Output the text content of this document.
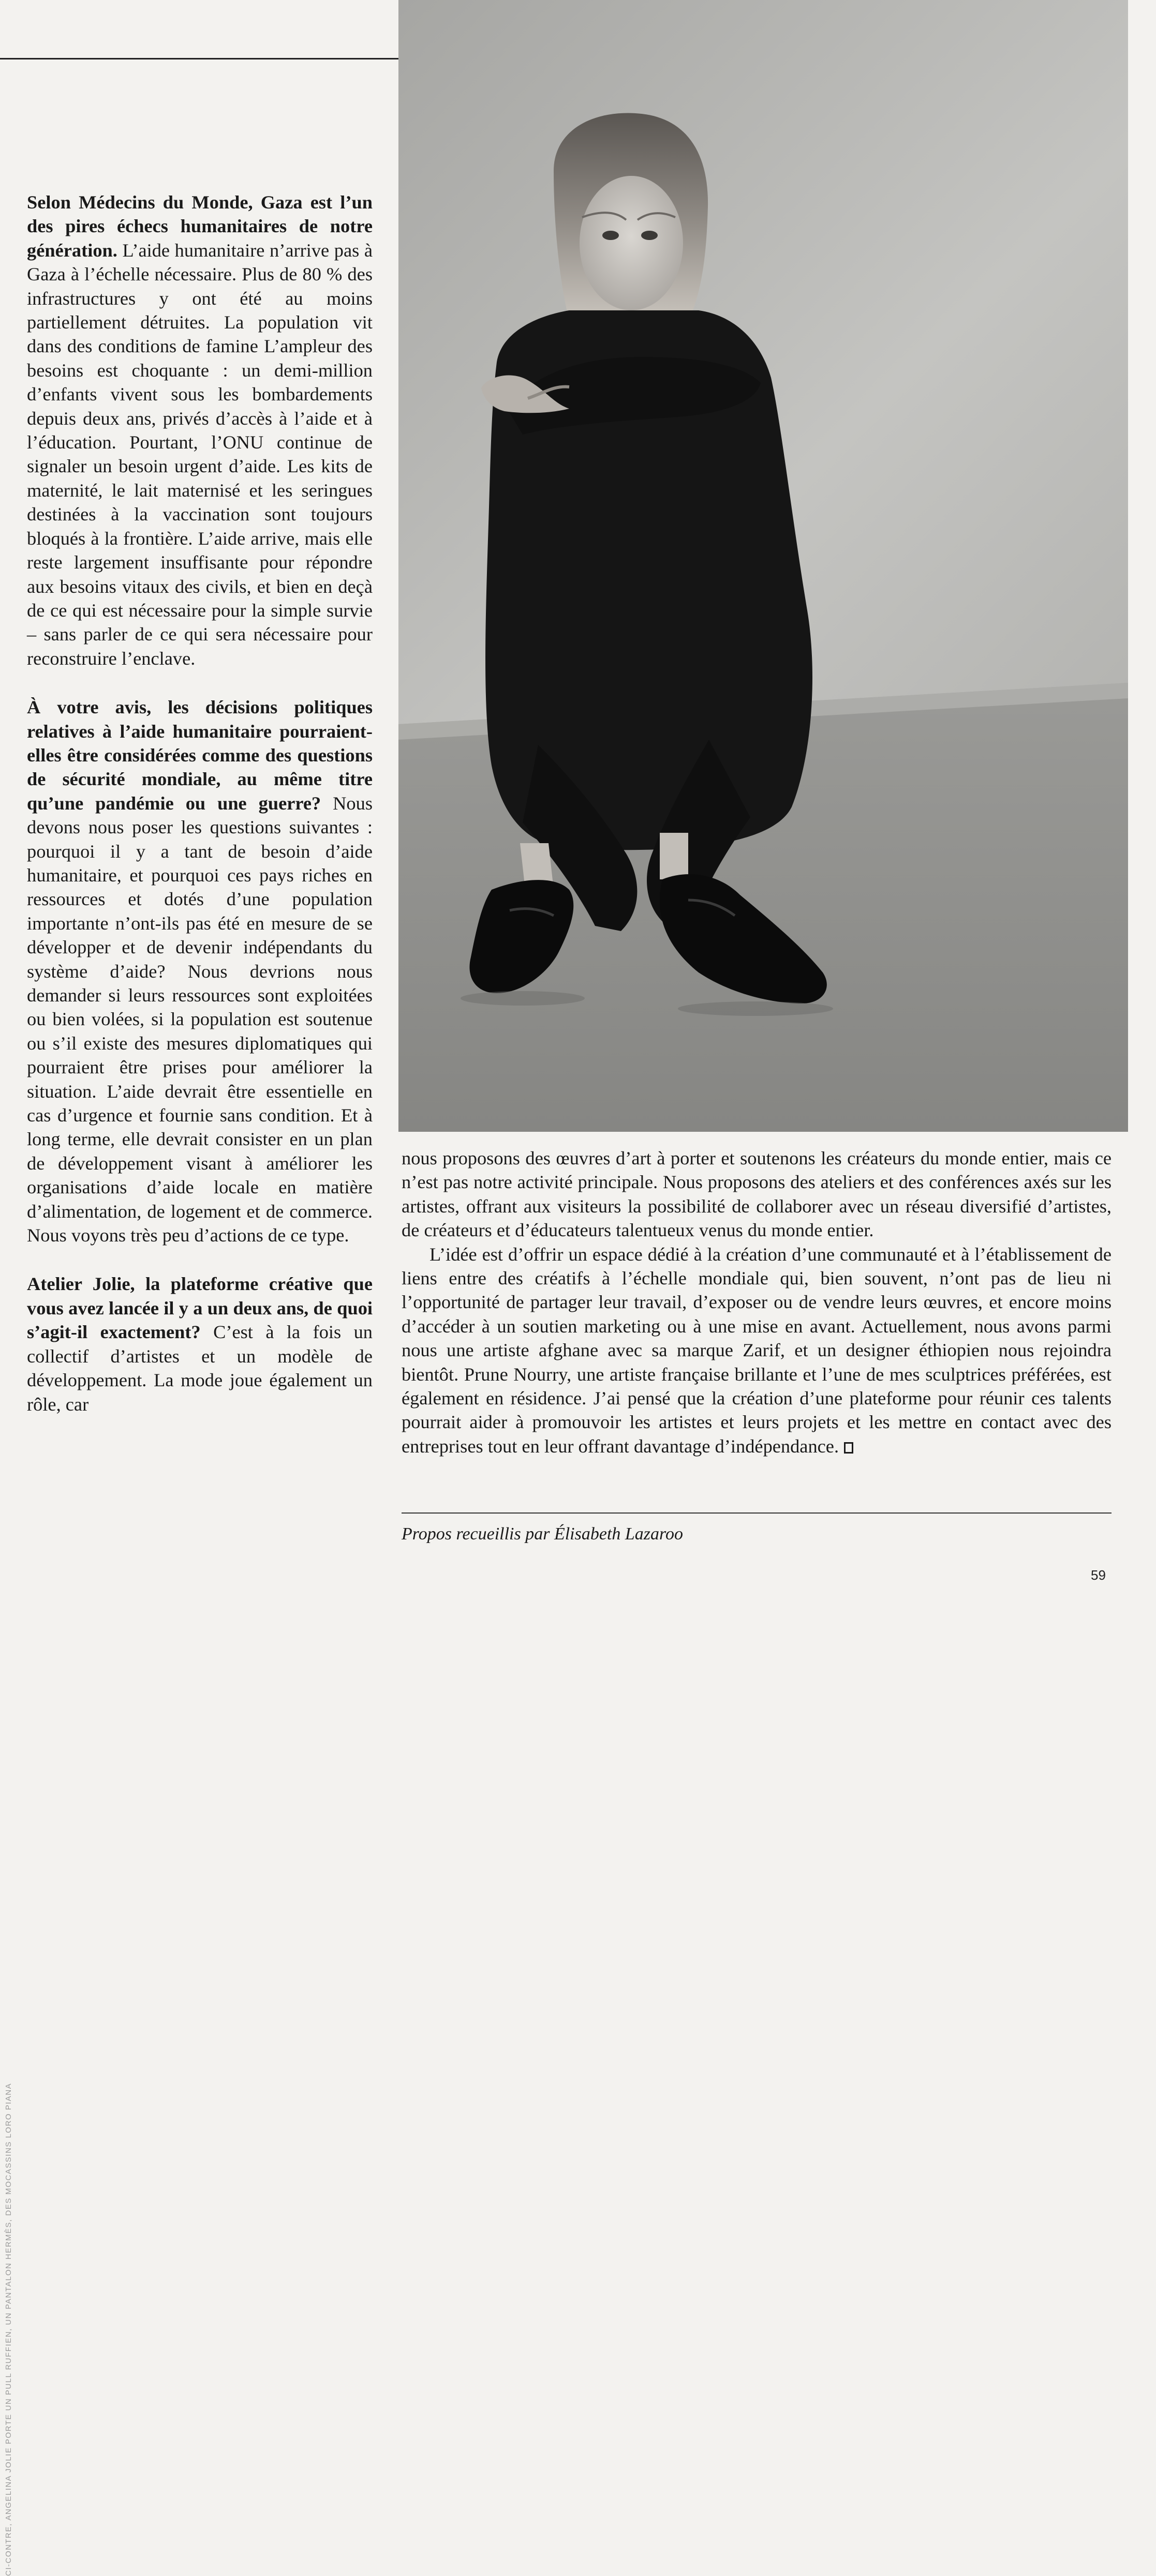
CI-CONTRE, ANGELINA JOLIE PORTE UN PULL RUFFIEN, UN PANTALON HERMÈS, DES MOCASSINS LORO PIANA

Selon Médecins du Monde, Gaza est l’un des pires échecs humanitaires de notre génération. L’aide humanitaire n’arrive pas à Gaza à l’échelle nécessaire. Plus de 80 % des infrastructures y ont été au moins partiellement détruites. La population vit dans des conditions de famine L’ampleur des besoins est choquante : un demi-million d’enfants vivent sous les bombardements depuis deux ans, privés d’accès à l’aide et à l’éducation. Pourtant, l’ONU continue de signaler un besoin urgent d’aide. Les kits de maternité, le lait maternisé et les seringues destinées à la vaccination sont toujours bloqués à la frontière. L’aide arrive, mais elle reste largement insuffisante pour répondre aux besoins vitaux des civils, et bien en deçà de ce qui est nécessaire pour la simple survie – sans parler de ce qui sera nécessaire pour reconstruire l’enclave.

À votre avis, les décisions politiques relatives à l’aide humanitaire pourraient-elles être considérées comme des questions de sécurité mondiale, au même titre qu’une pandémie ou une guerre? Nous devons nous poser les questions suivantes : pourquoi il y a tant de besoin d’aide humanitaire, et pourquoi ces pays riches en ressources et dotés d’une population importante n’ont-ils pas été en mesure de se développer et de devenir indépendants du système d’aide? Nous devrions nous demander si leurs ressources sont exploitées ou bien volées, si la population est soutenue ou s’il existe des mesures diplomatiques qui pourraient être prises pour améliorer la situation. L’aide devrait être essentielle en cas d’urgence et fournie sans condition. Et à long terme, elle devrait consister en un plan de développement visant à améliorer les organisations d’aide locale en matière d’alimentation, de logement et de commerce. Nous voyons très peu d’actions de ce type.

Atelier Jolie, la plateforme créative que vous avez lancée il y a un deux ans, de quoi s’agit-il exactement? C’est à la fois un collectif d’artistes et un modèle de développement. La mode joue également un rôle, car

nous proposons des œuvres d’art à porter et soutenons les créateurs du monde entier, mais ce n’est pas notre activité principale. Nous proposons des ateliers et des conférences axés sur les artistes, offrant aux visiteurs la possibilité de collaborer avec un réseau diversifié d’artistes, de créateurs et d’éducateurs talentueux venus du monde entier.

L’idée est d’offrir un espace dédié à la création d’une communauté et à l’établissement de liens entre des créatifs à l’échelle mondiale qui, bien souvent, n’ont pas de lieu ni l’opportunité de partager leur travail, d’exposer ou de vendre leurs œuvres, et encore moins d’accéder à un soutien marketing ou à une mise en avant. Actuellement, nous avons parmi nous une artiste afghane avec sa marque Zarif, et un designer éthiopien nous rejoindra bientôt. Prune Nourry, une artiste française brillante et l’une de mes sculptrices préférées, est également en résidence. J’ai pensé que la création d’une plateforme pour réunir ces talents pourrait aider à promouvoir les artistes et leurs projets et les mettre en contact avec des entreprises tout en leur offrant davantage d’indépendance.

Propos recueillis par Élisabeth Lazaroo
59
